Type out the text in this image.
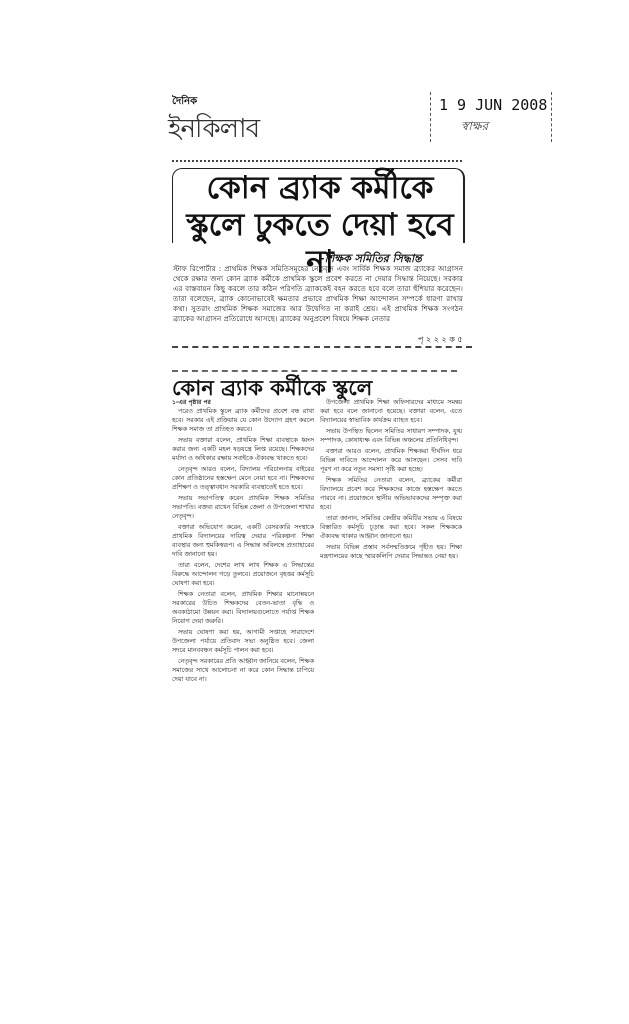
দৈনিক
ইনকিলাব
1 9 JUN 2008
স্বাক্ষর
কোন ব্র্যাক কর্মীকে স্কুলে ঢুকতে দেয়া হবে না
-শিক্ষক সমিতির সিদ্ধান্ত
স্টাফ রিপোর্টার : প্রাথমিক শিক্ষক সমিতিসমূহের নেতৃবৃন্দ এবং সার্বিক শিক্ষক সমাজ ব্র্যাকের আগ্রাসন থেকে রক্ষার জন্য কোন ব্র্যাক কর্মীকে প্রাথমিক স্কুলে প্রবেশ করতে না দেয়ার সিদ্ধান্ত নিয়েছে। সরকার এর বাস্তবায়ন কিছু করলে তার কঠিন পরিণতি ব্র্যাককেই বহন করতে হবে বলে তারা হুঁশিয়ার করেছেন। তারা বলেছেন, ব্র্যাক কোনোভাবেই ক্ষমতার প্রভাবে প্রাথমিক শিক্ষা আন্দোলন সম্পর্কে ধারণা রাখার কথা। সুতরাং প্রাথমিক শিক্ষক সমাজের আর উদ্বেগিত না করাই শ্রেয়। এই প্রাথমিক শিক্ষক সংগঠন ব্র্যাকের আগ্রাসন প্রতিরোধে আসছে। ব্র্যাকের অনুপ্রবেশ বিষয়ে শিক্ষক নেতার
পৃ ২ ২ ২ ক ৫
কোন ব্র্যাক কর্মীকে স্কুলে
১-এর পৃষ্ঠার পর

পরেও প্রাথমিক স্কুলে ব্র্যাক কর্মীদের প্রবেশ বন্ধ রাখা হবে। সরকার এই প্রক্রিয়ায় যে কোন উদ্যোগ গ্রহণ করলে শিক্ষক সমাজ তা প্রতিহত করবে।

সভায় বক্তারা বলেন, প্রাথমিক শিক্ষা ব্যবস্থাকে ধ্বংস করার জন্য একটি মহল ষড়যন্ত্রে লিপ্ত রয়েছে। শিক্ষকদের মর্যাদা ও অধিকার রক্ষায় সবাইকে ঐক্যবদ্ধ থাকতে হবে।

নেতৃবৃন্দ আরও বলেন, বিদ্যালয় পরিচালনায় বাইরের কোন প্রতিষ্ঠানের হস্তক্ষেপ মেনে নেয়া হবে না। শিক্ষকদের প্রশিক্ষণ ও তত্ত্বাবধান সরকারি ব্যবস্থাতেই হতে হবে।

সভায় সভাপতিত্ব করেন প্রাথমিক শিক্ষক সমিতির সভাপতি। বক্তব্য রাখেন বিভিন্ন জেলা ও উপজেলা শাখার নেতৃবৃন্দ।

বক্তারা অভিযোগ করেন, একটি বেসরকারি সংস্থাকে প্রাথমিক বিদ্যালয়ের দায়িত্ব দেয়ার পরিকল্পনা শিক্ষা ব্যবস্থার জন্য হুমকিস্বরূপ। এ সিদ্ধান্ত অবিলম্বে প্রত্যাহারের দাবি জানানো হয়।

তারা বলেন, দেশের লাখ লাখ শিক্ষক এ সিদ্ধান্তের বিরুদ্ধে আন্দোলন গড়ে তুলবে। প্রয়োজনে বৃহত্তর কর্মসূচি ঘোষণা করা হবে।

শিক্ষক নেতারা বলেন, প্রাথমিক শিক্ষার মানোন্নয়নে সরকারের উচিত শিক্ষকদের বেতন-ভাতা বৃদ্ধি ও অবকাঠামো উন্নয়ন করা। বিদ্যালয়গুলোতে পর্যাপ্ত শিক্ষক নিয়োগ দেয়া জরুরি।

সভায় ঘোষণা করা হয়, আগামী সপ্তাহে সারাদেশে উপজেলা পর্যায়ে প্রতিবাদ সভা অনুষ্ঠিত হবে। জেলা সদরে মানববন্ধন কর্মসূচি পালন করা হবে।

নেতৃবৃন্দ সরকারের প্রতি আহ্বান জানিয়ে বলেন, শিক্ষক সমাজের সাথে আলোচনা না করে কোন সিদ্ধান্ত চাপিয়ে দেয়া যাবে না।

উপজেলা প্রাথমিক শিক্ষা অফিসারদের মাধ্যমে সমন্বয় করা হবে বলে জানানো হয়েছে। বক্তারা বলেন, এতে বিদ্যালয়ের স্বাভাবিক কার্যক্রম ব্যাহত হবে।

সভায় উপস্থিত ছিলেন সমিতির সাধারণ সম্পাদক, যুগ্ম সম্পাদক, কোষাধ্যক্ষ এবং বিভিন্ন অঞ্চলের প্রতিনিধিবৃন্দ।

বক্তারা আরও বলেন, প্রাথমিক শিক্ষকরা দীর্ঘদিন ধরে বিভিন্ন দাবিতে আন্দোলন করে আসছেন। সেসব দাবি পূরণ না করে নতুন সমস্যা সৃষ্টি করা হচ্ছে।

শিক্ষক সমিতির নেতারা বলেন, ব্র্যাকের কর্মীরা বিদ্যালয়ে প্রবেশ করে শিক্ষকদের কাজে হস্তক্ষেপ করতে পারবে না। প্রয়োজনে স্থানীয় অভিভাবকদের সম্পৃক্ত করা হবে।

তারা জানান, সমিতির কেন্দ্রীয় কমিটির সভায় এ বিষয়ে বিস্তারিত কর্মসূচি চূড়ান্ত করা হবে। সকল শিক্ষককে ঐক্যবদ্ধ থাকার আহ্বান জানানো হয়।

সভায় বিভিন্ন প্রস্তাব সর্বসম্মতিক্রমে গৃহীত হয়। শিক্ষা মন্ত্রণালয়ের কাছে স্মারকলিপি দেয়ার সিদ্ধান্তও নেয়া হয়।
